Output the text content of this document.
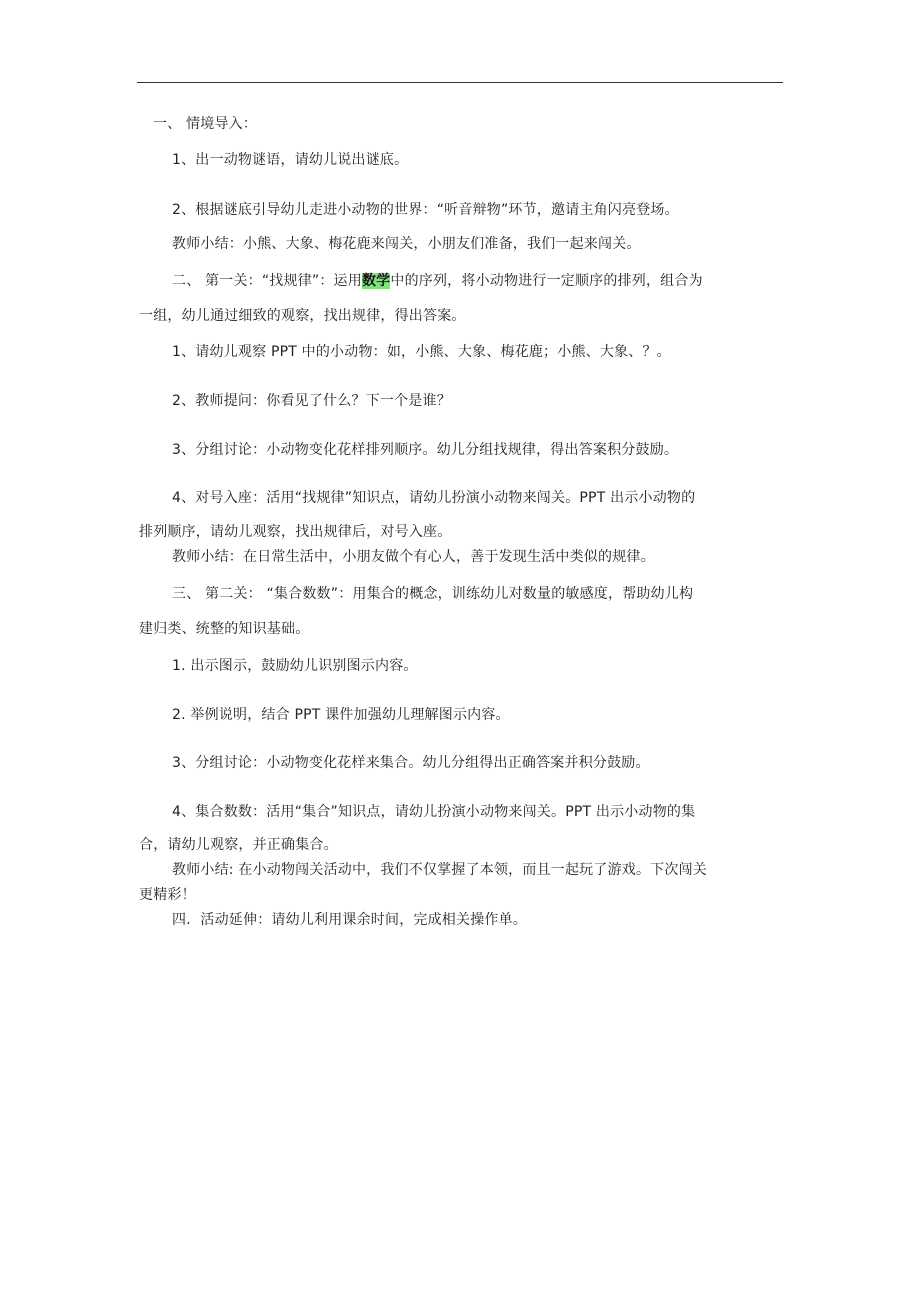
一、 情境导入：
1、出一动物谜语，请幼儿说出谜底。
2、根据谜底引导幼儿走进小动物的世界：“听音辩物”环节，邀请主角闪亮登场。
教师小结：小熊、大象、梅花鹿来闯关，小朋友们准备，我们一起来闯关。
二、 第一关：“找规律”：运用数学中的序列，将小动物进行一定顺序的排列，组合为
一组，幼儿通过细致的观察，找出规律，得出答案。
1、请幼儿观察 PPT 中的小动物：如，小熊、大象、梅花鹿；小熊、大象、？。
2、教师提问：你看见了什么？下一个是谁？
3、分组讨论：小动物变化花样排列顺序。幼儿分组找规律，得出答案积分鼓励。
4、对号入座：活用“找规律”知识点，请幼儿扮演小动物来闯关。PPT 出示小动物的
排列顺序，请幼儿观察，找出规律后，对号入座。
教师小结：在日常生活中，小朋友做个有心人，善于发现生活中类似的规律。
三、 第二关： “集合数数”：用集合的概念，训练幼儿对数量的敏感度，帮助幼儿构
建归类、统整的知识基础。
1. 出示图示，鼓励幼儿识别图示内容。
2. 举例说明，结合 PPT 课件加强幼儿理解图示内容。
3、分组讨论：小动物变化花样来集合。幼儿分组得出正确答案并积分鼓励。
4、集合数数：活用“集合”知识点，请幼儿扮演小动物来闯关。PPT 出示小动物的集
合，请幼儿观察，并正确集合。
教师小结: 在小动物闯关活动中，我们不仅掌握了本领，而且一起玩了游戏。下次闯关
更精彩！
四．活动延伸：请幼儿利用课余时间，完成相关操作单。
